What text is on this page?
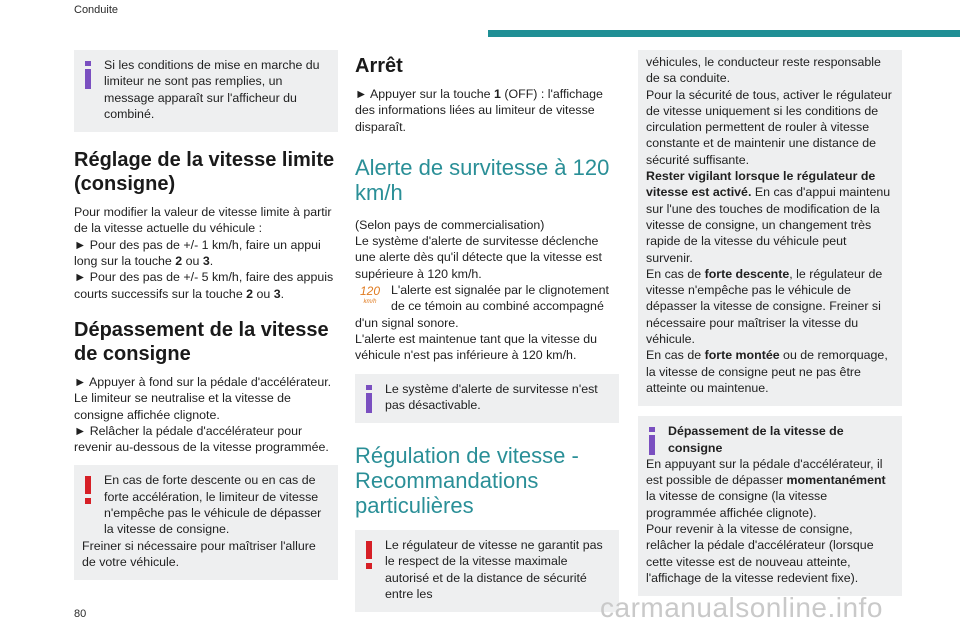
Conduite

Si les conditions de mise en marche du limiteur ne sont pas remplies, un message apparaît sur l'afficheur du combiné.

Réglage de la vitesse limite (consigne)

Pour modifier la valeur de vitesse limite à partir de la vitesse actuelle du véhicule :

► Pour des pas de +/- 1 km/h, faire un appui long sur la touche 2 ou 3.

► Pour des pas de +/- 5 km/h, faire des appuis courts successifs sur la touche 2 ou 3.

Dépassement de la vitesse de consigne

► Appuyer à fond sur la pédale d'accélérateur. Le limiteur se neutralise et la vitesse de consigne affichée clignote.

► Relâcher la pédale d'accélérateur pour revenir au-dessous de la vitesse programmée.

En cas de forte descente ou en cas de forte accélération, le limiteur de vitesse n'empêche pas le véhicule de dépasser la vitesse de consigne.

Freiner si nécessaire pour maîtriser l'allure de votre véhicule.

Arrêt

► Appuyer sur la touche 1 (OFF) : l'affichage des informations liées au limiteur de vitesse disparaît.

Alerte de survitesse à 120 km/h

(Selon pays de commercialisation)

Le système d'alerte de survitesse déclenche une alerte dès qu'il détecte que la vitesse est supérieure à 120 km/h.

120
km/h
L'alerte est signalée par le clignotement de ce témoin au combiné accompagné d'un signal sonore.

L'alerte est maintenue tant que la vitesse du véhicule n'est pas inférieure à 120 km/h.

Le système d'alerte de survitesse n'est pas désactivable.

Régulation de vitesse - Recommandations particulières

Le régulateur de vitesse ne garantit pas le respect de la vitesse maximale autorisé et de la distance de sécurité entre les

véhicules, le conducteur reste responsable de sa conduite.

Pour la sécurité de tous, activer le régulateur de vitesse uniquement si les conditions de circulation permettent de rouler à vitesse constante et de maintenir une distance de sécurité suffisante.

Rester vigilant lorsque le régulateur de vitesse est activé. En cas d'appui maintenu sur l'une des touches de modification de la vitesse de consigne, un changement très rapide de la vitesse du véhicule peut survenir.

En cas de forte descente, le régulateur de vitesse n'empêche pas le véhicule de dépasser la vitesse de consigne. Freiner si nécessaire pour maîtriser la vitesse du véhicule.

En cas de forte montée ou de remorquage, la vitesse de consigne peut ne pas être atteinte ou maintenue.

Dépassement de la vitesse de consigne

En appuyant sur la pédale d'accélérateur, il est possible de dépasser momentanément la vitesse de consigne (la vitesse programmée affichée clignote).

Pour revenir à la vitesse de consigne, relâcher la pédale d'accélérateur (lorsque cette vitesse est de nouveau atteinte, l'affichage de la vitesse redevient fixe).

80	carmanualsonline.info
